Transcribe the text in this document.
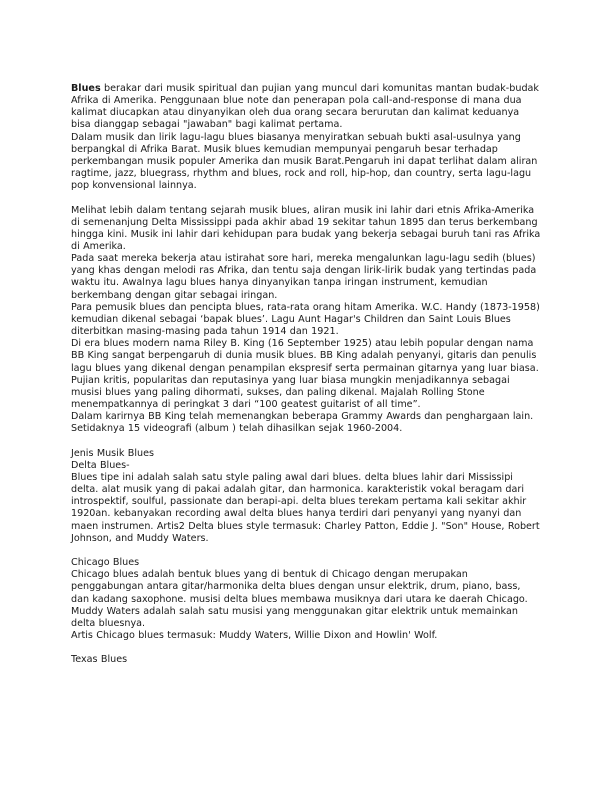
Blues berakar dari musik spiritual dan pujian yang muncul dari komunitas mantan budak-budak Afrika di Amerika. Penggunaan blue note dan penerapan pola call-and-response di mana dua kalimat diucapkan atau dinyanyikan oleh dua orang secara berurutan dan kalimat keduanya bisa dianggap sebagai "jawaban" bagi kalimat pertama.

Dalam musik dan lirik lagu-lagu blues biasanya menyiratkan sebuah bukti asal-usulnya yang berpangkal di Afrika Barat. Musik blues kemudian mempunyai pengaruh besar terhadap perkembangan musik populer Amerika dan musik Barat.Pengaruh ini dapat terlihat dalam aliran ragtime, jazz, bluegrass, rhythm and blues, rock and roll, hip-hop, dan country, serta lagu-lagu pop konvensional lainnya.

Melihat lebih dalam tentang sejarah musik blues, aliran musik ini lahir dari etnis Afrika-Amerika di semenanjung Delta Mississippi pada akhir abad 19 sekitar tahun 1895 dan terus berkembang hingga kini. Musik ini lahir dari kehidupan para budak yang bekerja sebagai buruh tani ras Afrika di Amerika.

Pada saat mereka bekerja atau istirahat sore hari, mereka mengalunkan lagu-lagu sedih (blues) yang khas dengan melodi ras Afrika, dan tentu saja dengan lirik-lirik budak yang tertindas pada waktu itu. Awalnya lagu blues hanya dinyanyikan tanpa iringan instrument, kemudian berkembang dengan gitar sebagai iringan.

Para pemusik blues dan pencipta blues, rata-rata orang hitam Amerika. W.C. Handy (1873-1958) kemudian dikenal sebagai ‘bapak blues’. Lagu Aunt Hagar's Children dan Saint Louis Blues diterbitkan masing-masing pada tahun 1914 dan 1921.

Di era blues modern nama Riley B. King (16 September 1925) atau lebih popular dengan nama BB King sangat berpengaruh di dunia musik blues. BB King adalah penyanyi, gitaris dan penulis lagu blues yang dikenal dengan penampilan ekspresif serta permainan gitarnya yang luar biasa.

Pujian kritis, popularitas dan reputasinya yang luar biasa mungkin menjadikannya sebagai musisi blues yang paling dihormati, sukses, dan paling dikenal. Majalah Rolling Stone menempatkannya di peringkat 3 dari “100 geatest guitarist of all time”.

Dalam karirnya BB King telah memenangkan beberapa Grammy Awards dan penghargaan lain. Setidaknya 15 videografi (album ) telah dihasilkan sejak 1960-2004.

Jenis Musik Blues

Delta Blues-

Blues tipe ini adalah salah satu style paling awal dari blues. delta blues lahir dari Mississipi delta. alat musik yang di pakai adalah gitar, dan harmonica. karakteristik vokal beragam dari introspektif, soulful, passionate dan berapi-api. delta blues terekam pertama kali sekitar akhir 1920an. kebanyakan recording awal delta blues hanya terdiri dari penyanyi yang nyanyi dan maen instrumen. Artis2 Delta blues style termasuk: Charley Patton, Eddie J. "Son" House, Robert Johnson, and Muddy Waters.

Chicago Blues

Chicago blues adalah bentuk blues yang di bentuk di Chicago dengan merupakan penggabungan antara gitar/harmonika delta blues dengan unsur elektrik, drum, piano, bass, dan kadang saxophone. musisi delta blues membawa musiknya dari utara ke daerah Chicago. Muddy Waters adalah salah satu musisi yang menggunakan gitar elektrik untuk memainkan delta bluesnya.

Artis Chicago blues termasuk: Muddy Waters, Willie Dixon and Howlin' Wolf.

Texas Blues
